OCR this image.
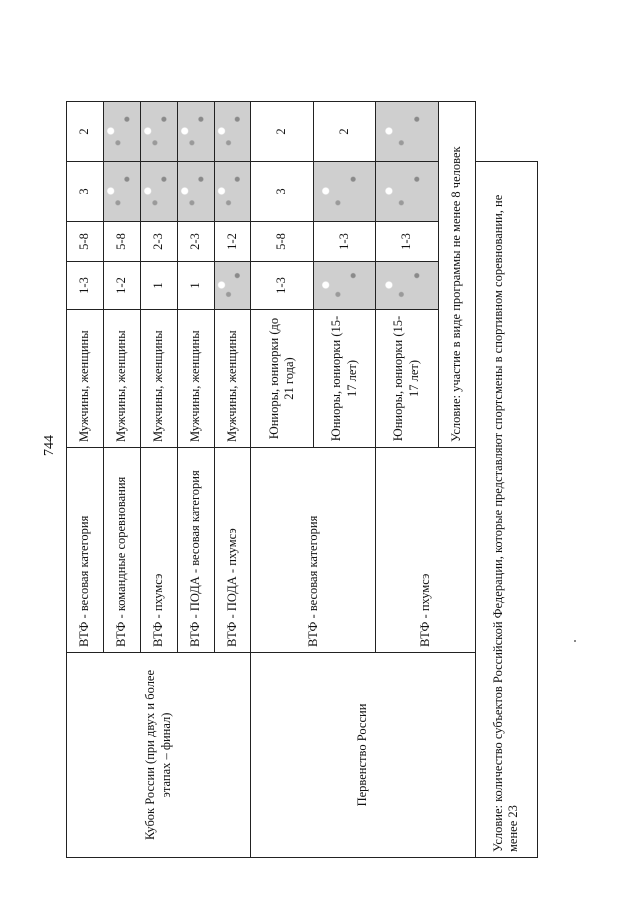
744
Кубок России (при двух и более этапах – финал)	ВТФ - весовая категория	Мужчины, женщины	1-3	5-8	3	2
	ВТФ - командные соревнования	Мужчины, женщины	1-2	5-8		
	ВТФ - пхумсэ	Мужчины, женщины	1	2-3		
	ВТФ - ПОДА - весовая категория	Мужчины, женщины	1	2-3		
	ВТФ - ПОДА - пхумсэ	Мужчины, женщины		1-2		
Первенство России	ВТФ - весовая категория	Юниоры, юниорки (до 21 года)	1-3	5-8	3	2
		Юниоры, юниорки (15-17 лет)		1-3		2
	ВТФ - пхумсэ	Юниоры, юниорки (15-17 лет)		1-3		
		Условие: участие в виде программы не менее 8 человек				
Условие: количество субъектов Российской Федерации, которые представляют спортсмены в спортивном соревновании, не менее 23						
